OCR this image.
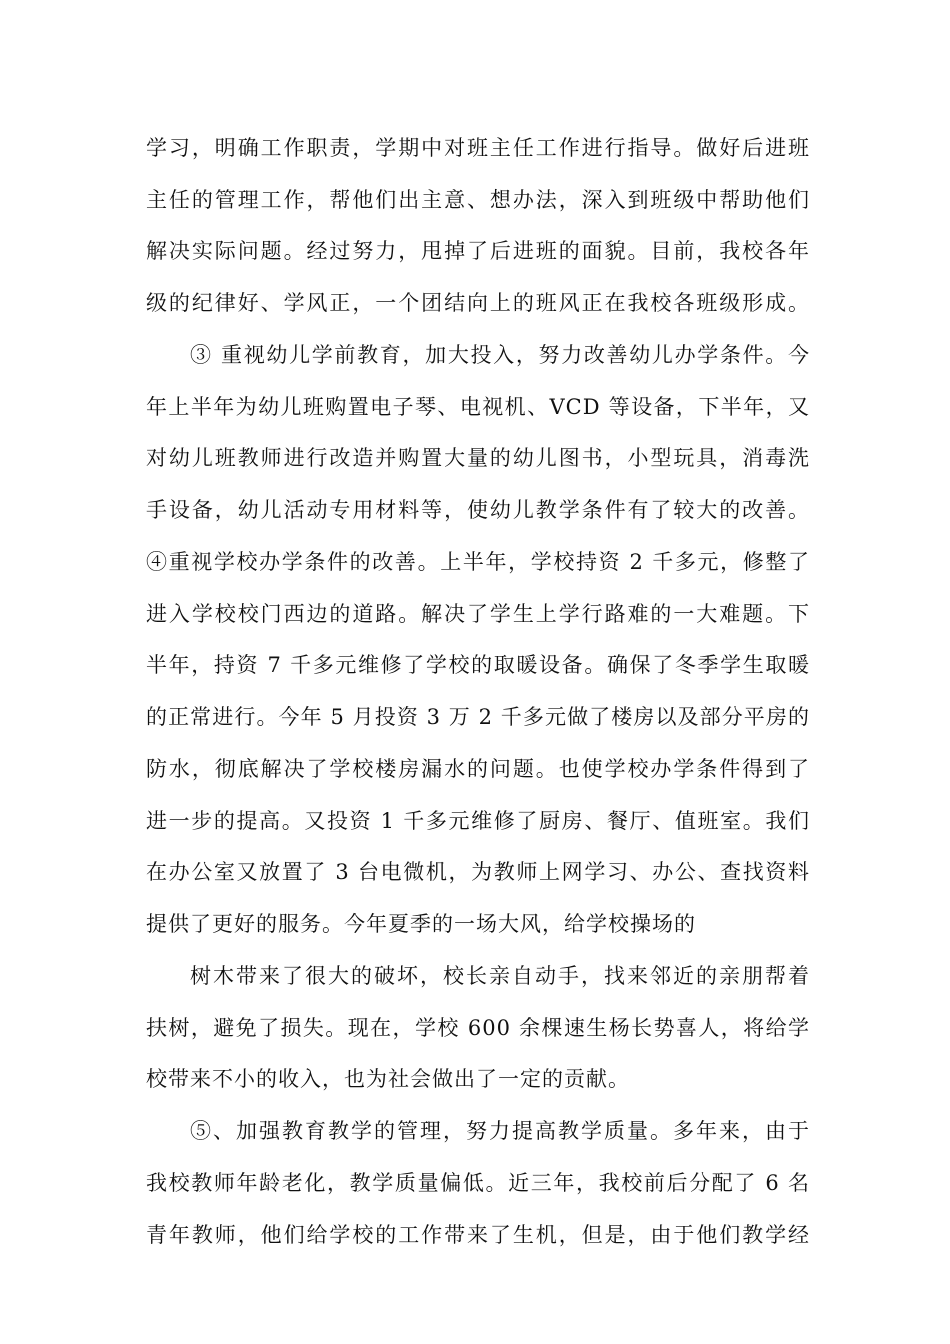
学习，明确工作职责，学期中对班主任工作进行指导。做好后进班
主任的管理工作，帮他们出主意、想办法，深入到班级中帮助他们
解决实际问题。经过努力，甩掉了后进班的面貌。目前，我校各年
级的纪律好、学风正，一个团结向上的班风正在我校各班级形成。
③ 重视幼儿学前教育，加大投入，努力改善幼儿办学条件。今
年上半年为幼儿班购置电子琴、电视机、VCD 等设备，下半年，又
对幼儿班教师进行改造并购置大量的幼儿图书，小型玩具，消毒洗
手设备，幼儿活动专用材料等，使幼儿教学条件有了较大的改善。
④重视学校办学条件的改善。上半年，学校持资 2 千多元，修整了
进入学校校门西边的道路。解决了学生上学行路难的一大难题。下
半年，持资 7 千多元维修了学校的取暖设备。确保了冬季学生取暖
的正常进行。今年 5 月投资 3 万 2 千多元做了楼房以及部分平房的
防水，彻底解决了学校楼房漏水的问题。也使学校办学条件得到了
进一步的提高。又投资 1 千多元维修了厨房、餐厅、值班室。我们
在办公室又放置了 3 台电微机，为教师上网学习、办公、查找资料
提供了更好的服务。今年夏季的一场大风，给学校操场的
树木带来了很大的破坏，校长亲自动手，找来邻近的亲朋帮着
扶树，避免了损失。现在，学校 600 余棵速生杨长势喜人，将给学
校带来不小的收入，也为社会做出了一定的贡献。
⑤、加强教育教学的管理，努力提高教学质量。多年来，由于
我校教师年龄老化，教学质量偏低。近三年，我校前后分配了 6 名
青年教师，他们给学校的工作带来了生机，但是，由于他们教学经
